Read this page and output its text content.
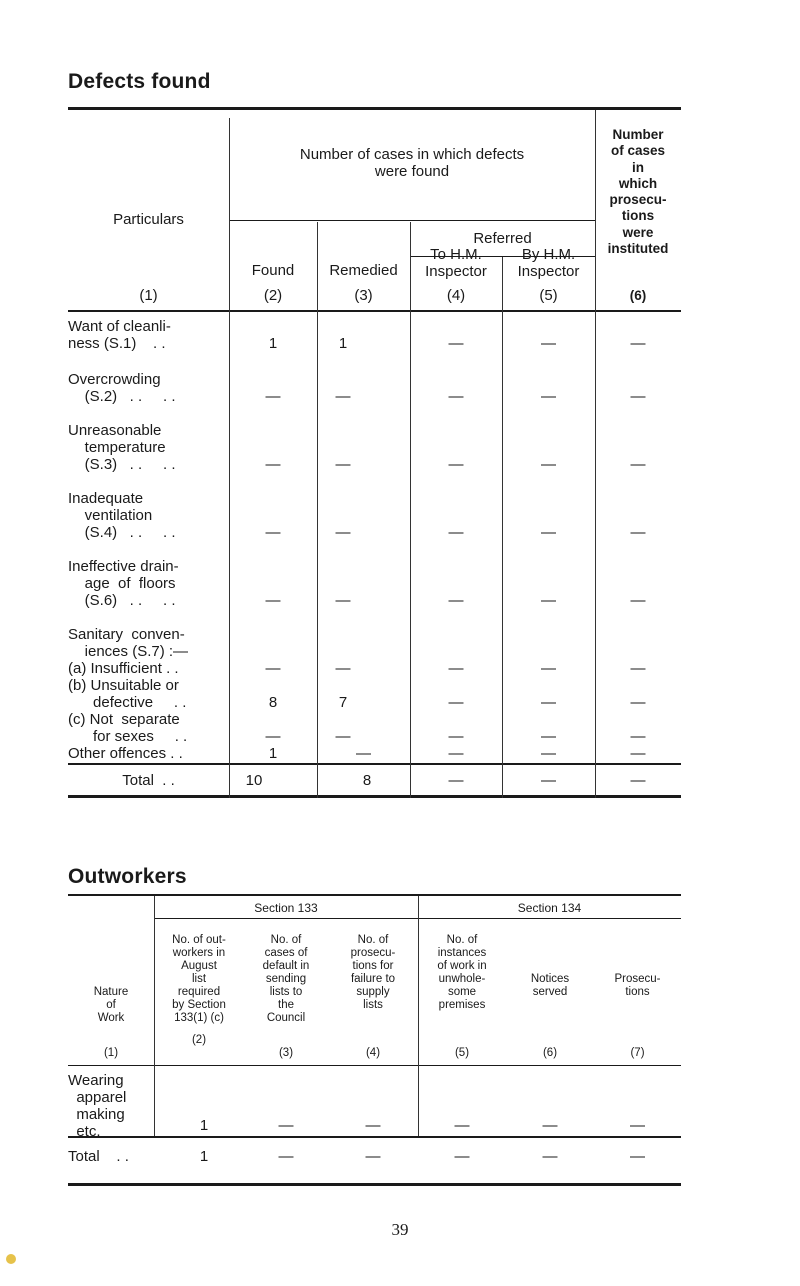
Defects found
Particulars
(1)
Number of cases in which defects
were found
Found
(2)
Remedied
(3)
Referred
To H.M.
Inspector
(4)
By H.M.
Inspector
(5)
Number
of cases
in
which
prosecu-
tions
were
instituted
(6)
Want of cleanli-
ness (S.1)    . .	1	1	—	—	—
Overcrowding
(S.2)   . .     . .	—	—	—	—	—
Unreasonable
temperature
(S.3)   . .     . .	—	—	—	—	—
Inadequate
ventilation
(S.4)   . .     . .	—	—	—	—	—
Ineffective drain-
age  of  floors
(S.6)   . .     . .	—	—	—	—	—
Sanitary  conven-
iences (S.7) :—
(a) Insufficient . .	—	—	—	—	—
(b) Unsuitable or
defective     . .	8	7	—	—	—
(c) Not  separate
for sexes     . .	—	—	—	—	—
Other offences . .	1	—	—	—	—
Total  . .	10	8	—	—	—
Outworkers
Section 133	Section 134
Nature
of
Work
(1)
No. of out-
workers in
August
list
required
by Section
133(1) (c)
(2)
No. of
cases of
default in
sending
lists to
the
Council
(3)
No. of
prosecu-
tions for
failure to
supply
lists
(4)
No. of
instances
of work in
unwhole-
some
premises
(5)
Notices
served
(6)
Prosecu-
tions
(7)
Wearing
apparel
making
etc.	1	—	—	—	—	—
Total    . .	1	—	—	—	—	—
39
